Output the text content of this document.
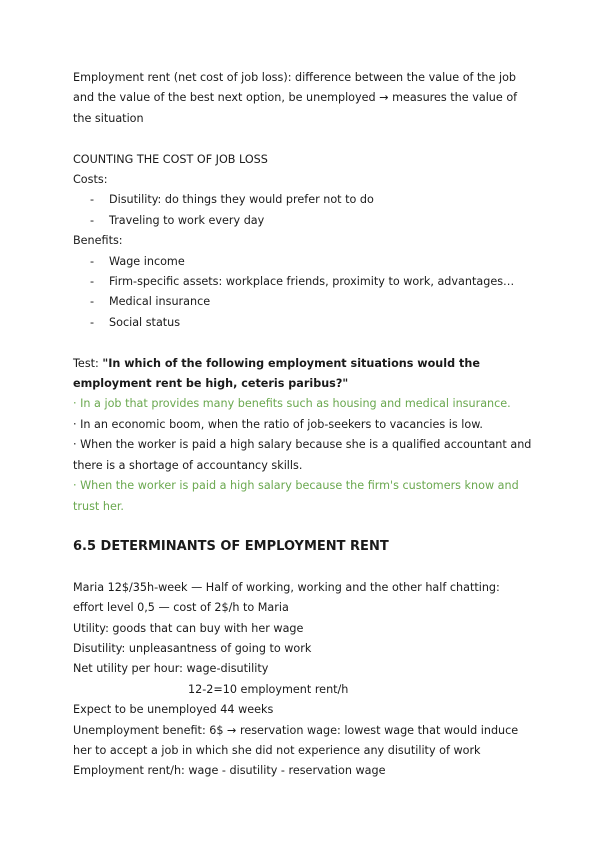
Employment rent (net cost of job loss): difference between the value of the job and the value of the best next option, be unemployed → measures the value of the situation

COUNTING THE COST OF JOB LOSS

Costs:

- Disutility: do things they would prefer not to do
- Traveling to work every day

Benefits:

- Wage income
- Firm-specific assets: workplace friends, proximity to work, advantages…
- Medical insurance
- Social status

Test: "In which of the following employment situations would the employment rent be high, ceteris paribus?"

· In a job that provides many benefits such as housing and medical insurance.

· In an economic boom, when the ratio of job-seekers to vacancies is low.

· When the worker is paid a high salary because she is a qualified accountant and there is a shortage of accountancy skills.

· When the worker is paid a high salary because the firm's customers know and trust her.

6.5 DETERMINANTS OF EMPLOYMENT RENT

Maria 12$/35h-week — Half of working, working and the other half chatting: effort level 0,5 — cost of 2$/h to Maria

Utility: goods that can buy with her wage

Disutility: unpleasantness of going to work

Net utility per hour: wage-disutility

12-2=10 employment rent/h

Expect to be unemployed 44 weeks

Unemployment benefit: 6$ → reservation wage: lowest wage that would induce her to accept a job in which she did not experience any disutility of work

Employment rent/h: wage - disutility - reservation wage
